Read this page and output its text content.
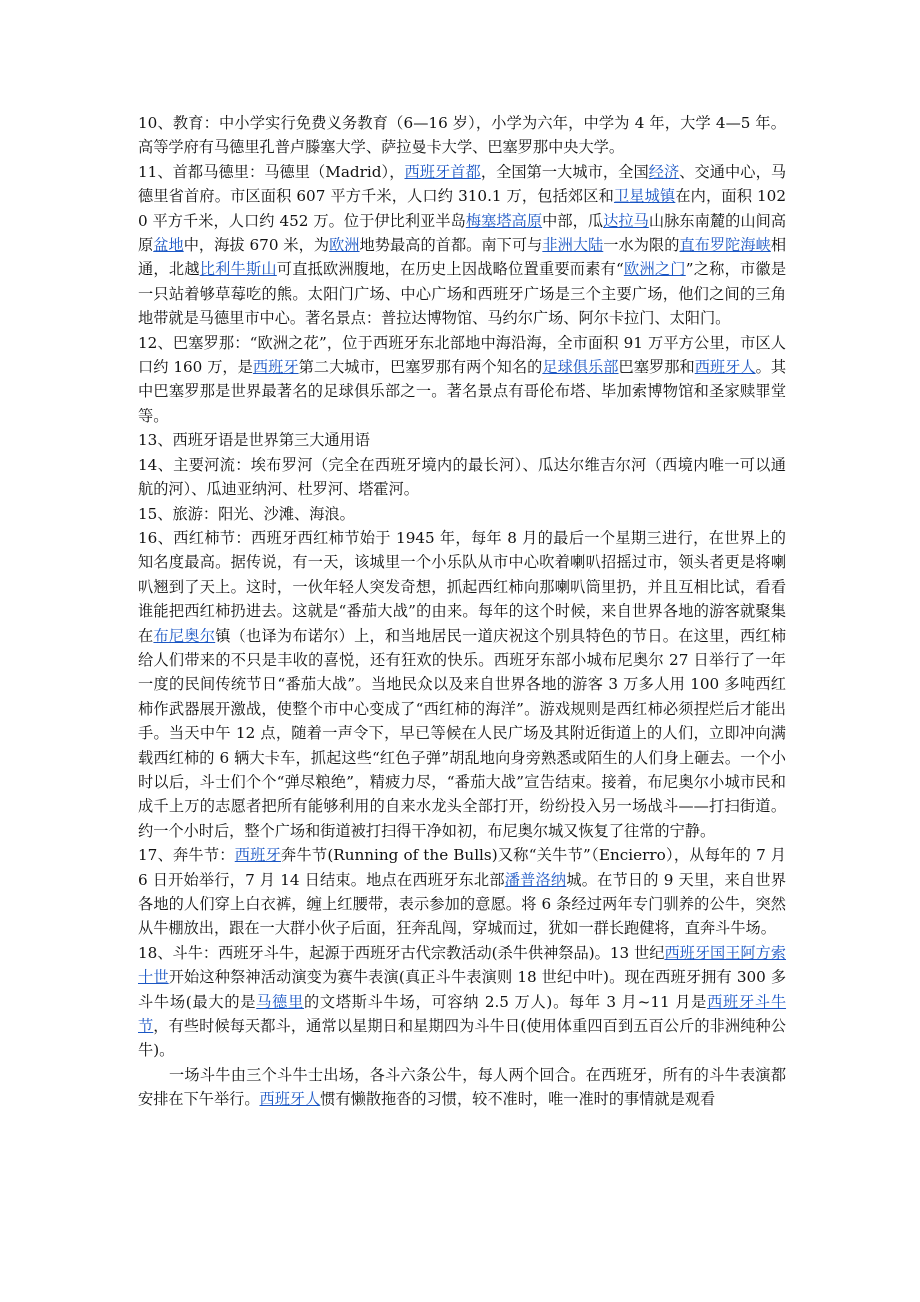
10、教育：中小学实行免费义务教育（6—16 岁），小学为六年，中学为 4 年，大学 4—5 年。高等学府有马德里孔普卢滕塞大学、萨拉曼卡大学、巴塞罗那中央大学。

11、首都马德里：马德里（Madrid），西班牙首都，全国第一大城市，全国经济、交通中心，马德里省首府。市区面积 607 平方千米，人口约 310.1 万，包括郊区和卫星城镇在内，面积 1020 平方千米，人口约 452 万。位于伊比利亚半岛梅塞塔高原中部，瓜达拉马山脉东南麓的山间高原盆地中，海拔 670 米，为欧洲地势最高的首都。南下可与非洲大陆一水为限的直布罗陀海峡相通，北越比利牛斯山可直抵欧洲腹地，在历史上因战略位置重要而素有“欧洲之门”之称，市徽是一只站着够草莓吃的熊。太阳门广场、中心广场和西班牙广场是三个主要广场，他们之间的三角地带就是马德里市中心。著名景点：普拉达博物馆、马约尔广场、阿尔卡拉门、太阳门。

12、巴塞罗那：“欧洲之花”，位于西班牙东北部地中海沿海，全市面积 91 万平方公里，市区人口约 160 万，是西班牙第二大城市，巴塞罗那有两个知名的足球俱乐部巴塞罗那和西班牙人。其中巴塞罗那是世界最著名的足球俱乐部之一。著名景点有哥伦布塔、毕加索博物馆和圣家赎罪堂等。

13、西班牙语是世界第三大通用语

14、主要河流：埃布罗河（完全在西班牙境内的最长河）、瓜达尔维吉尔河（西境内唯一可以通航的河）、瓜迪亚纳河、杜罗河、塔霍河。

15、旅游：阳光、沙滩、海浪。

16、西红柿节：西班牙西红柿节始于 1945 年，每年 8 月的最后一个星期三进行，在世界上的知名度最高。据传说，有一天，该城里一个小乐队从市中心吹着喇叭招摇过市，领头者更是将喇叭翘到了天上。这时，一伙年轻人突发奇想，抓起西红柿向那喇叭筒里扔，并且互相比试，看看谁能把西红柿扔进去。这就是“番茄大战”的由来。每年的这个时候，来自世界各地的游客就聚集在布尼奥尔镇（也译为布诺尔）上，和当地居民一道庆祝这个别具特色的节日。在这里，西红柿给人们带来的不只是丰收的喜悦，还有狂欢的快乐。西班牙东部小城布尼奥尔 27 日举行了一年一度的民间传统节日“番茄大战”。当地民众以及来自世界各地的游客 3 万多人用 100 多吨西红柿作武器展开激战，使整个市中心变成了“西红柿的海洋”。游戏规则是西红柿必须捏烂后才能出手。当天中午 12 点，随着一声令下，早已等候在人民广场及其附近街道上的人们，立即冲向满载西红柿的 6 辆大卡车，抓起这些“红色子弹”胡乱地向身旁熟悉或陌生的人们身上砸去。一个小时以后，斗士们个个“弹尽粮绝”，精疲力尽，“番茄大战”宣告结束。接着，布尼奥尔小城市民和成千上万的志愿者把所有能够利用的自来水龙头全部打开，纷纷投入另一场战斗——打扫街道。约一个小时后，整个广场和街道被打扫得干净如初，布尼奥尔城又恢复了往常的宁静。

17、奔牛节：西班牙奔牛节(Running of the Bulls)又称“关牛节”（Encierro），从每年的 7 月 6 日开始举行，7 月 14 日结束。地点在西班牙东北部潘普洛纳城。在节日的 9 天里，来自世界各地的人们穿上白衣裤，缠上红腰带，表示参加的意愿。将 6 条经过两年专门驯养的公牛，突然从牛棚放出，跟在一大群小伙子后面，狂奔乱闯，穿城而过，犹如一群长跑健将，直奔斗牛场。

18、斗牛：西班牙斗牛，起源于西班牙古代宗教活动(杀牛供神祭品)。13 世纪西班牙国王阿方索十世开始这种祭神活动演变为赛牛表演(真正斗牛表演则 18 世纪中叶)。现在西班牙拥有 300 多斗牛场(最大的是马德里的文塔斯斗牛场，可容纳 2.5 万人)。每年 3 月~11 月是西班牙斗牛节，有些时候每天都斗，通常以星期日和星期四为斗牛日(使用体重四百到五百公斤的非洲纯种公牛)。

一场斗牛由三个斗牛士出场，各斗六条公牛，每人两个回合。在西班牙，所有的斗牛表演都安排在下午举行。西班牙人惯有懒散拖沓的习惯，较不准时，唯一准时的事情就是观看
